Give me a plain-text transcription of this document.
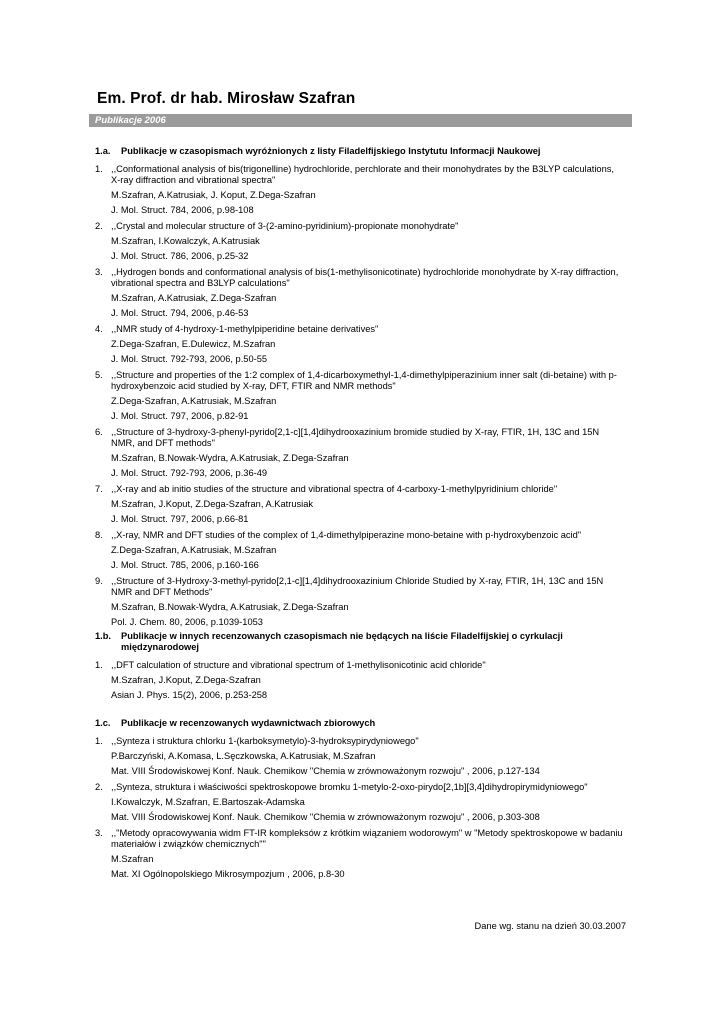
Em. Prof. dr hab. Mirosław Szafran
Publikacje 2006
1.a. Publikacje w czasopismach wyróżnionych z listy Filadelfijskiego Instytutu Informacji Naukowej
1. ,,Conformational analysis of bis(trigonelline) hydrochloride, perchlorate and their monohydrates by the B3LYP calculations, X-ray diffraction and vibrational spectra"
M.Szafran, A.Katrusiak, J. Koput, Z.Dega-Szafran
J. Mol. Struct. 784, 2006, p.98-108
2. ,,Crystal and molecular structure of 3-(2-amino-pyridinium)-propionate monohydrate"
M.Szafran, I.Kowalczyk, A.Katrusiak
J. Mol. Struct. 786, 2006, p.25-32
3. ,,Hydrogen bonds and conformational analysis of bis(1-methylisonicotinate) hydrochloride monohydrate by X-ray diffraction, vibrational spectra and B3LYP calculations"
M.Szafran, A.Katrusiak, Z.Dega-Szafran
J. Mol. Struct. 794, 2006, p.46-53
4. ,,NMR study of 4-hydroxy-1-methylpiperidine betaine derivatives"
Z.Dega-Szafran, E.Dulewicz, M.Szafran
J. Mol. Struct. 792-793, 2006, p.50-55
5. ,,Structure and properties of the 1:2 complex of 1,4-dicarboxymethyl-1,4-dimethylpiperazinium inner salt (di-betaine) with p-hydroxybenzoic acid studied by X-ray, DFT, FTIR and NMR methods"
Z.Dega-Szafran, A.Katrusiak, M.Szafran
J. Mol. Struct. 797, 2006, p.82-91
6. ,,Structure of 3-hydroxy-3-phenyl-pyrido[2,1-c][1,4]dihydrooxazinium bromide studied by X-ray, FTIR, 1H, 13C and 15N NMR, and DFT methods"
M.Szafran, B.Nowak-Wydra, A.Katrusiak, Z.Dega-Szafran
J. Mol. Struct. 792-793, 2006, p.36-49
7. ,,X-ray and ab initio studies of the structure and vibrational spectra of 4-carboxy-1-methylpyridinium chloride"
M.Szafran, J.Koput, Z.Dega-Szafran, A.Katrusiak
J. Mol. Struct. 797, 2006, p.66-81
8. ,,X-ray, NMR and DFT studies of the complex of 1,4-dimethylpiperazine mono-betaine with p-hydroxybenzoic acid"
Z.Dega-Szafran, A.Katrusiak, M.Szafran
J. Mol. Struct. 785, 2006, p.160-166
9. ,,Structure of 3-Hydroxy-3-methyl-pyrido[2,1-c][1,4]dihydrooxazinium Chloride Studied by X-ray, FTIR, 1H, 13C and 15N NMR and DFT Methods"
M.Szafran, B.Nowak-Wydra, A.Katrusiak, Z.Dega-Szafran
Pol. J. Chem. 80, 2006, p.1039-1053
1.b. Publikacje w innych recenzowanych czasopismach nie będących na liście Filadelfijskiej o cyrkulacji międzynarodowej
1. ,,DFT calculation of structure and vibrational spectrum of 1-methylisonicotinic acid chloride"
M.Szafran, J.Koput, Z.Dega-Szafran
Asian J. Phys. 15(2), 2006, p.253-258
1.c. Publikacje w recenzowanych wydawnictwach zbiorowych
1. ,,Synteza i struktura chlorku 1-(karboksymetylo)-3-hydroksypirydyniowego"
P.Barczyński, A.Komasa, L.Sęczkowska, A.Katrusiak, M.Szafran
Mat. VIII Środowiskowej Konf. Nauk. Chemikow "Chemia w zrównoważonym rozwoju" , 2006, p.127-134
2. ,,Synteza, struktura i właściwości spektroskopowe bromku 1-metylo-2-oxo-pirydo[2,1b][3,4]dihydropirymidyniowego"
I.Kowalczyk, M.Szafran, E.Bartoszak-Adamska
Mat. VIII Środowiskowej Konf. Nauk. Chemikow "Chemia w zrównoważonym rozwoju" , 2006, p.303-308
3. ,,"Metody opracowywania widm FT-IR kompleksów z krótkim wiązaniem wodorowym" w "Metody spektroskopowe w badaniu materiałów i związków chemicznych""
M.Szafran
Mat. XI Ogólnopolskiego Mikrosympozjum , 2006, p.8-30
Dane wg. stanu na dzień 30.03.2007
